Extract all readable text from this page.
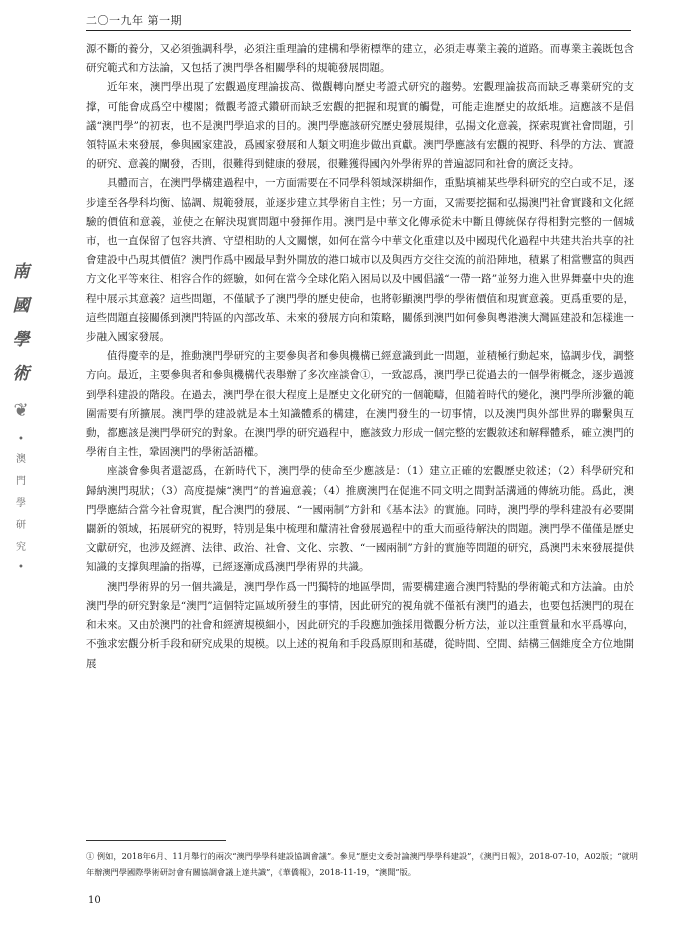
二〇一九年 第一期
南
國
學
術
❦
•
澳
門
學
研
究
•

源不斷的養分，又必須強調科學，必須注重理論的建構和學術標準的建立，必須走專業主義的道路。而專業主義既包含研究範式和方法論，又包括了澳門學各相關學科的規範發展問題。

近年來，澳門學出現了宏觀過度理論拔高、微觀轉向歷史考證式研究的趨勢。宏觀理論拔高而缺乏專業研究的支撑，可能會成爲空中樓閣；微觀考證式鑽研而缺乏宏觀的把握和現實的觸覺，可能走進歷史的故紙堆。這應該不是倡議“澳門學”的初衷，也不是澳門學追求的目的。澳門學應該研究歷史發展規律，弘揚文化意義，探索現實社會問題，引領特區未來發展，參與國家建設，爲國家發展和人類文明進步做出貢獻。澳門學應該有宏觀的視野、科學的方法、實證的研究、意義的闡發，否則，很難得到健康的發展，很難獲得國內外學術界的普遍認同和社會的廣泛支持。

具體而言，在澳門學構建過程中，一方面需要在不同學科領域深耕細作，重點填補某些學科研究的空白或不足，逐步達至各學科均衡、協調、規範發展，並逐步建立其學術自主性；另一方面，又需要挖掘和弘揚澳門社會實踐和文化經驗的價值和意義，並使之在解決現實問題中發揮作用。澳門是中華文化傳承從未中斷且傳統保存得相對完整的一個城市，也一直保留了包容共濟、守望相助的人文關懷，如何在當今中華文化重建以及中國現代化過程中共建共治共享的社會建設中凸現其價值？澳門作爲中國最早對外開放的港口城市以及與西方交往交流的前沿陣地，積累了相當豐富的與西方文化平等來往、相容合作的經驗，如何在當今全球化陷入困局以及中國倡議“一帶一路”並努力進入世界舞臺中央的進程中展示其意義？這些問題，不僅賦予了澳門學的歷史使命，也將彰顯澳門學的學術價值和現實意義。更爲重要的是，這些問題直接關係到澳門特區的內部改革、未來的發展方向和策略，關係到澳門如何參與粵港澳大灣區建設和怎樣進一步融入國家發展。

值得慶幸的是，推動澳門學研究的主要參與者和參與機構已經意識到此一問題，並積極行動起來，協調步伐，調整方向。最近，主要參與者和參與機構代表舉辦了多次座談會①，一致認爲，澳門學已從過去的一個學術概念，逐步過渡到學科建設的階段。在過去，澳門學在很大程度上是歷史文化研究的一個範疇，但隨着時代的變化，澳門學所涉獵的範圍需要有所擴展。澳門學的建設就是本土知識體系的構建，在澳門發生的一切事情，以及澳門與外部世界的聯繫與互動，都應該是澳門學研究的對象。在澳門學的研究過程中，應該致力形成一個完整的宏觀敘述和解釋體系，確立澳門的學術自主性，鞏固澳門的學術話語權。

座談會參與者還認爲，在新時代下，澳門學的使命至少應該是：（1）建立正確的宏觀歷史敘述；（2）科學研究和歸納澳門現狀；（3）高度提煉“澳門”的普遍意義；（4）推廣澳門在促進不同文明之間對話溝通的傳統功能。爲此，澳門學應結合當今社會現實，配合澳門的發展、“一國兩制”方針和《基本法》的實施。同時，澳門學的學科建設有必要開闢新的領域，拓展研究的視野，特別是集中梳理和釐清社會發展過程中的重大而亟待解決的問題。澳門學不僅僅是歷史文獻研究，也涉及經濟、法律、政治、社會、文化、宗教、“一國兩制”方針的實施等問題的研究，爲澳門未來發展提供知識的支撑與理論的指導，已經逐漸成爲澳門學術界的共識。

澳門學術界的另一個共識是，澳門學作爲一門獨特的地區學問，需要構建適合澳門特點的學術範式和方法論。由於澳門學的研究對象是“澳門”這個特定區域所發生的事情，因此研究的視角就不僅祇有澳門的過去，也要包括澳門的現在和未來。又由於澳門的社會和經濟規模細小，因此研究的手段應加強採用微觀分析方法，並以注重質量和水平爲導向，不強求宏觀分析手段和研究成果的規模。以上述的視角和手段爲原則和基礎，從時間、空間、結構三個維度全方位地開展

① 例如，2018年6月、11月舉行的兩次“澳門學學科建設協調會議”。參見“歷史文委討論澳門學學科建設”，《澳門日報》，2018-07-10，A02版；“就明年辦澳門學國際學術研討會有關協調會議上達共識”，《華僑報》，2018-11-19，“澳聞”版。
10
